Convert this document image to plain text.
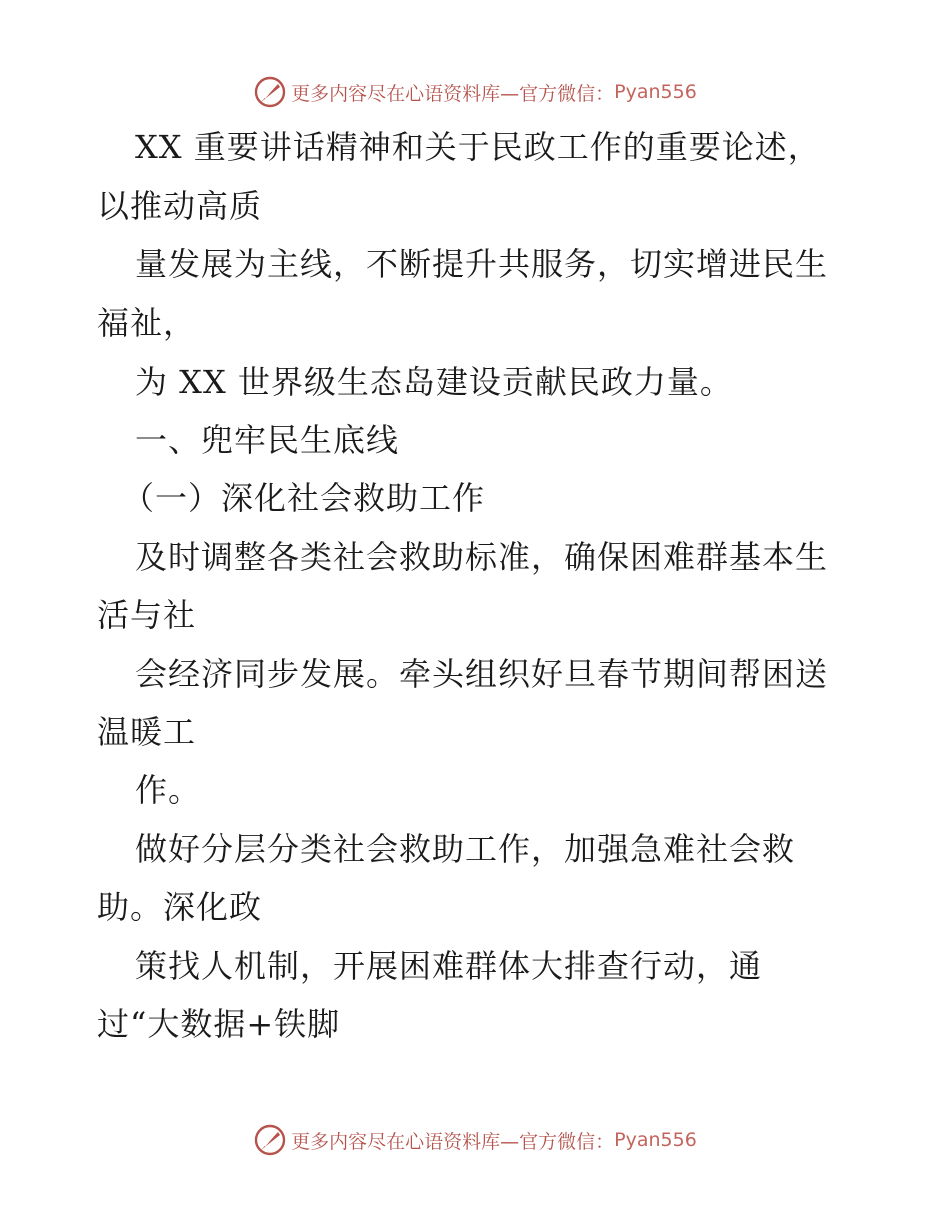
更多内容尽在心语资料库—官方微信： Pyan556
XX 重要讲话精神和关于民政工作的重要论述，
以推动高质
量发展为主线，不断提升共服务，切实增进民生
福祉，
为 XX 世界级生态岛建设贡献民政力量。
一、兜牢民生底线
（一）深化社会救助工作
及时调整各类社会救助标准，确保困难群基本生
活与社
会经济同步发展。牵头组织好旦春节期间帮困送
温暖工
作。
做好分层分类社会救助工作，加强急难社会救
助。深化政
策找人机制，开展困难群体大排查行动，通
过“大数据+铁脚
更多内容尽在心语资料库—官方微信： Pyan556
